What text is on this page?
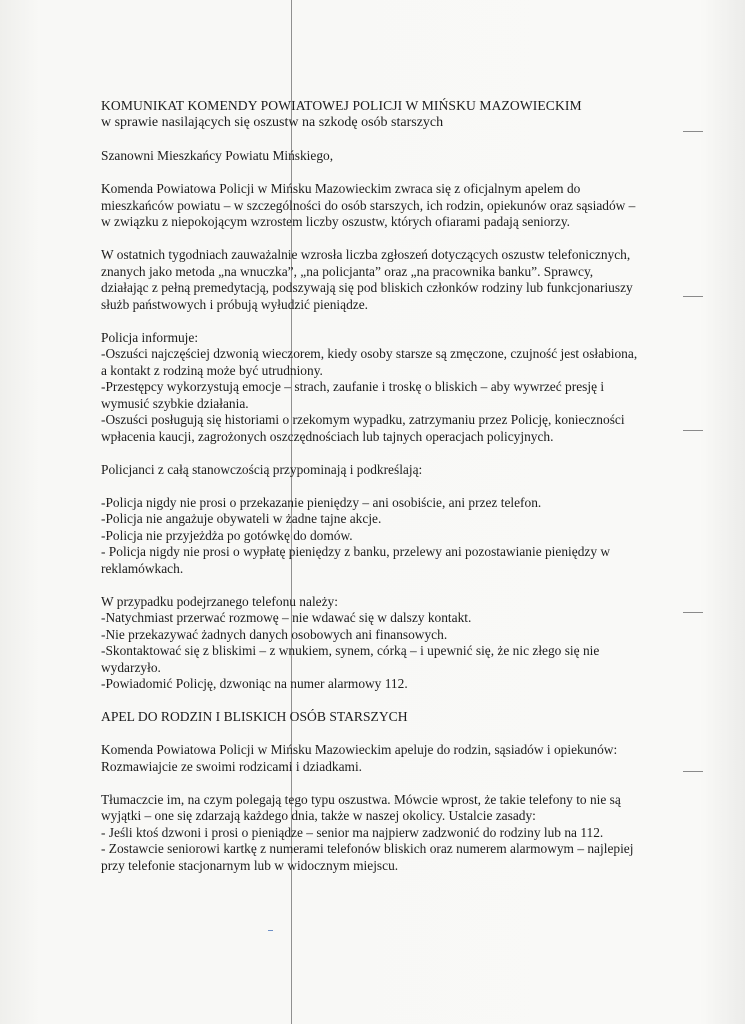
KOMUNIKAT KOMENDY POWIATOWEJ POLICJI W MIŃSKU MAZOWIECKIM
w sprawie nasilających się oszustw na szkodę osób starszych

Szanowni Mieszkańcy Powiatu Mińskiego,

Komenda Powiatowa Policji w Mińsku Mazowieckim zwraca się z oficjalnym apelem do mieszkańców powiatu – w szczególności do osób starszych, ich rodzin, opiekunów oraz sąsiadów – w związku z niepokojącym wzrostem liczby oszustw, których ofiarami padają seniorzy.

W ostatnich tygodniach zauważalnie wzrosła liczba zgłoszeń dotyczących oszustw telefonicznych, znanych jako metoda „na wnuczka”, „na policjanta” oraz „na pracownika banku”. Sprawcy, działając z pełną premedytacją, podszywają się pod bliskich członków rodziny lub funkcjonariuszy służb państwowych i próbują wyłudzić pieniądze.

Policja informuje:

-Oszuści najczęściej dzwonią wieczorem, kiedy osoby starsze są zmęczone, czujność jest osłabiona, a kontakt z rodziną może być utrudniony.

-Przestępcy wykorzystują emocje – strach, zaufanie i troskę o bliskich – aby wywrzeć presję i wymusić szybkie działania.

-Oszuści posługują się historiami o rzekomym wypadku, zatrzymaniu przez Policję, konieczności wpłacenia kaucji, zagrożonych oszczędnościach lub tajnych operacjach policyjnych.

Policjanci z całą stanowczością przypominają i podkreślają:

-Policja nigdy nie prosi o przekazanie pieniędzy – ani osobiście, ani przez telefon.

-Policja nie angażuje obywateli w żadne tajne akcje.

-Policja nie przyjeżdża po gotówkę do domów.

- Policja nigdy nie prosi o wypłatę pieniędzy z banku, przelewy ani pozostawianie pieniędzy w reklamówkach.

W przypadku podejrzanego telefonu należy:

-Natychmiast przerwać rozmowę – nie wdawać się w dalszy kontakt.

-Nie przekazywać żadnych danych osobowych ani finansowych.

-Skontaktować się z bliskimi – z wnukiem, synem, córką – i upewnić się, że nic złego się nie wydarzyło.

-Powiadomić Policję, dzwoniąc na numer alarmowy 112.

APEL DO RODZIN I BLISKICH OSÓB STARSZYCH

Komenda Powiatowa Policji w Mińsku Mazowieckim apeluje do rodzin, sąsiadów i opiekunów:

Rozmawiajcie ze swoimi rodzicami i dziadkami.

Tłumaczcie im, na czym polegają tego typu oszustwa. Mówcie wprost, że takie telefony to nie są wyjątki – one się zdarzają każdego dnia, także w naszej okolicy. Ustalcie zasady:

- Jeśli ktoś dzwoni i prosi o pieniądze – senior ma najpierw zadzwonić do rodziny lub na 112.

- Zostawcie seniorowi kartkę z numerami telefonów bliskich oraz numerem alarmowym – najlepiej przy telefonie stacjonarnym lub w widocznym miejscu.
